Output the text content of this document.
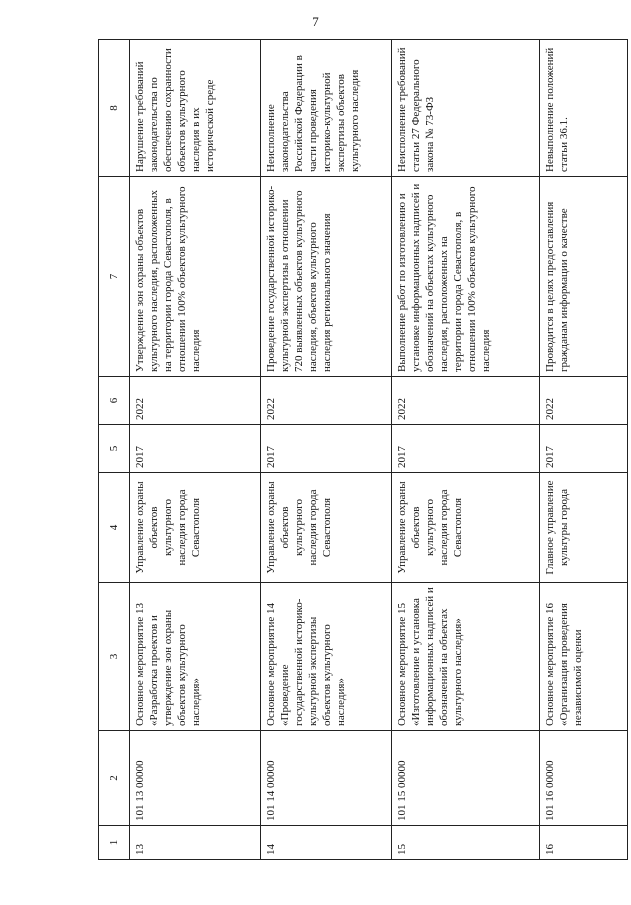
7
1	2	3	4	5	6	7	8
13	101 13 00000	Основное мероприятие 13 «Разработка проектов и утверждение зон охраны объектов культурного наследия»	Управление охраны объектов культурного наследия города Севастополя	2017	2022	Утверждение зон охраны объектов культурного наследия, расположенных на территории города Севастополя, в отношении 100% объектов культурного наследия	Нарушение требований законодательства по обеспечению сохранности объектов культурного наследия в их исторической среде
14	101 14 00000	Основное мероприятие 14 «Проведение государственной историко-культурной экспертизы объектов культурного наследия»	Управление охраны объектов культурного наследия города Севастополя	2017	2022	Проведение государственной историко-культурной экспертизы в отношении 720 выявленных объектов культурного наследия, объектов культурного наследия регионального значения	Неисполнение законодательства Российской Федерации в части проведения историко-культурной экспертизы объектов культурного наследия
15	101 15 00000	Основное мероприятие 15 «Изготовление и установка информационных надписей и обозначений на объектах культурного наследия»	Управление охраны объектов культурного наследия города Севастополя	2017	2022	Выполнение работ по изготовлению и установке информационных надписей и обозначений на объектах культурного наследия, расположенных на территории города Севастополя, в отношении 100% объектов культурного наследия	Неисполнение требований статьи 27 Федерального закона № 73-ФЗ
16	101 16 00000	Основное мероприятие 16 «Организация проведения независимой оценки	Главное управление культуры города	2017	2022	Проводится в целях предоставления гражданам информации о качестве	Невыполнение положений статьи 36.1.
